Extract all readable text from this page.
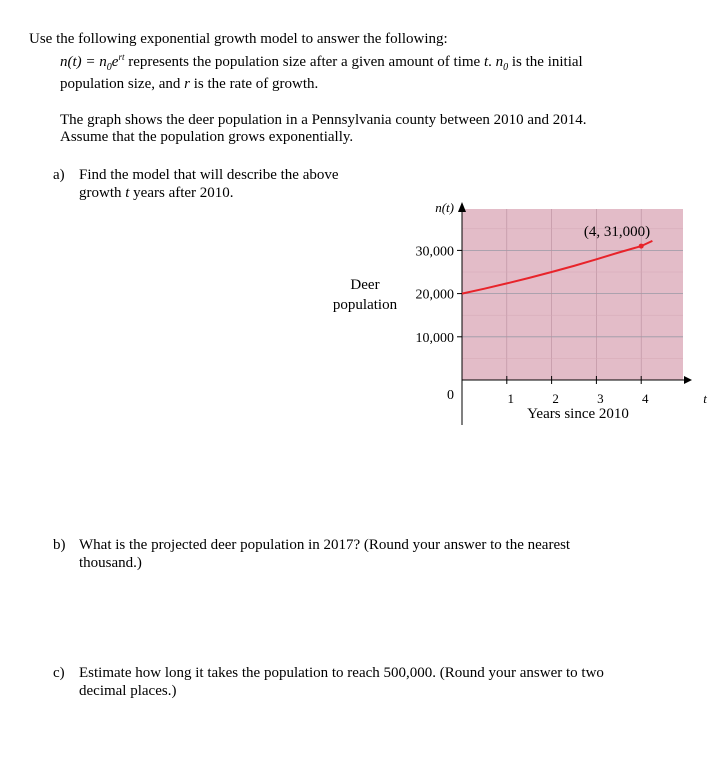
Use the following exponential growth model to answer the following:
$n(t) = n_0e^{rt}$ represents the population size after a given amount of time t. $n_0$ is the initial
population size, and r is the rate of growth.
The graph shows the deer population in a Pennsylvania county between 2010 and 2014.
Assume that the population grows exponentially.
a) Find the model that will describe the above
growth t years after 2010.
0
10,000
20,000
30,000
1	2	3	4
n(t)
Deer
population
Years since 2010
t
(4, 31,000)
b) What is the projected deer population in 2017? (Round your answer to the nearest
thousand.)
c) Estimate how long it takes the population to reach 500,000. (Round your answer to two
decimal places.)
